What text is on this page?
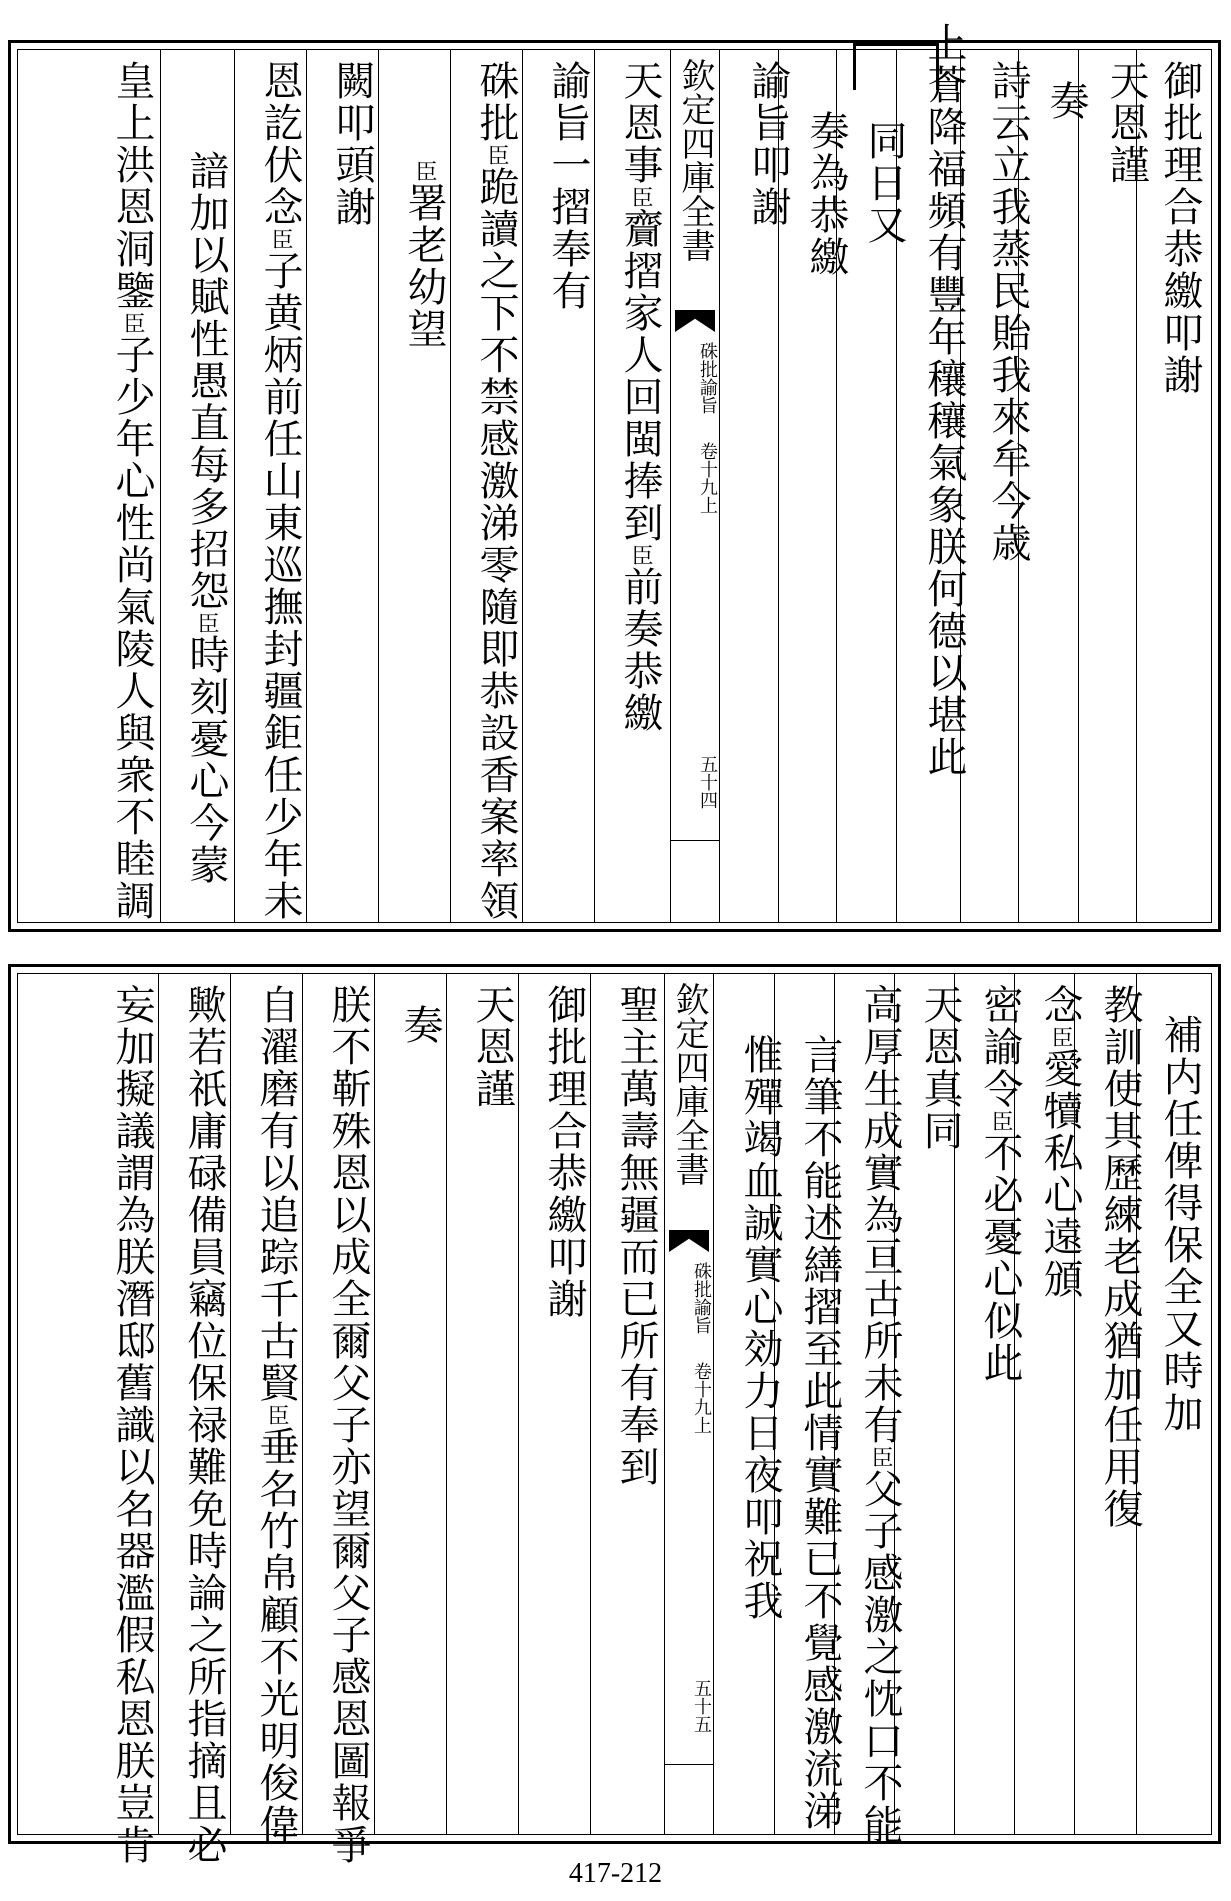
御批理合恭繳叩謝
天恩謹
奏
詩云立我蒸民貽我來牟今歳
上蒼降福頻有豐年穰穰氣象朕何德以堪此
同日又
奏為恭繳
諭旨叩謝
欽定四庫全書
硃批諭旨
卷十九上
五十四
天恩事臣齎摺家人回閩捧到臣前奏恭繳
諭旨一摺奉有
硃批臣跪讀之下不禁感激涕零隨即恭設香案率領
臣署老幼望
闕叩頭謝
恩訖伏念臣子黄炳前任山東巡撫封疆鉅任少年未
諳加以賦性愚直每多招怨臣時刻憂心今蒙
皇上洪恩洞鑒臣子少年心性尚氣陵人與衆不睦調
補内任俾得保全又時加
教訓使其歷練老成猶加任用復
念臣愛犢私心遠頒
密諭令臣不必憂心似此
天恩真同
高厚生成實為亘古所未有臣父子感激之忱口不能
言筆不能述繕摺至此情實難已不覺感激流涕
惟殫竭血誠實心効力日夜叩祝我
欽定四庫全書
硃批諭旨
卷十九上
五十五
聖主萬壽無疆而已所有奉到
御批理合恭繳叩謝
天恩謹
奏
朕不靳殊恩以成全爾父子亦望爾父子感恩圖報爭
自濯磨有以追踪千古賢臣垂名竹帛顧不光明俊偉
歟若祇庸碌備員竊位保禄難免時論之所指摘且必
妄加擬議謂為朕潛邸舊識以名器濫假私恩朕豈肯
417-212
